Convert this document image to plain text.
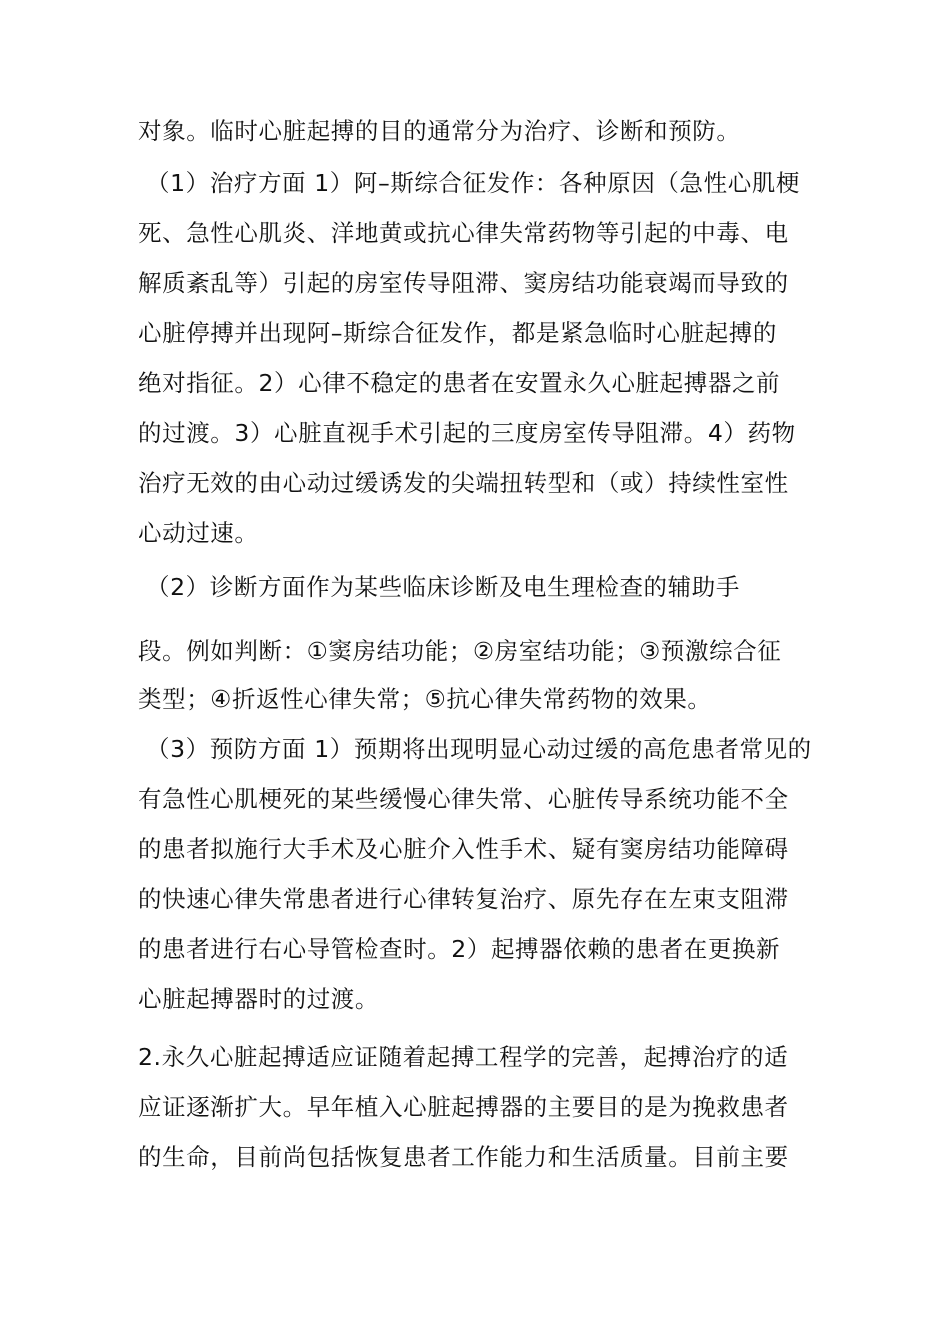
对象。临时心脏起搏的目的通常分为治疗、诊断和预防。
（1）治疗方面 1）阿–斯综合征发作：各种原因（急性心肌梗
死、急性心肌炎、洋地黄或抗心律失常药物等引起的中毒、电
解质紊乱等）引起的房室传导阻滞、窦房结功能衰竭而导致的
心脏停搏并出现阿–斯综合征发作，都是紧急临时心脏起搏的
绝对指征。2）心律不稳定的患者在安置永久心脏起搏器之前
的过渡。3）心脏直视手术引起的三度房室传导阻滞。4）药物
治疗无效的由心动过缓诱发的尖端扭转型和（或）持续性室性
心动过速。
（2）诊断方面作为某些临床诊断及电生理检查的辅助手
段。例如判断：①窦房结功能；②房室结功能；③预激综合征
类型；④折返性心律失常；⑤抗心律失常药物的效果。
（3）预防方面 1）预期将出现明显心动过缓的高危患者常见的
有急性心肌梗死的某些缓慢心律失常、心脏传导系统功能不全
的患者拟施行大手术及心脏介入性手术、疑有窦房结功能障碍
的快速心律失常患者进行心律转复治疗、原先存在左束支阻滞
的患者进行右心导管检查时。2）起搏器依赖的患者在更换新
心脏起搏器时的过渡。
2.永久心脏起搏适应证随着起搏工程学的完善，起搏治疗的适
应证逐渐扩大。早年植入心脏起搏器的主要目的是为挽救患者
的生命，目前尚包括恢复患者工作能力和生活质量。目前主要
